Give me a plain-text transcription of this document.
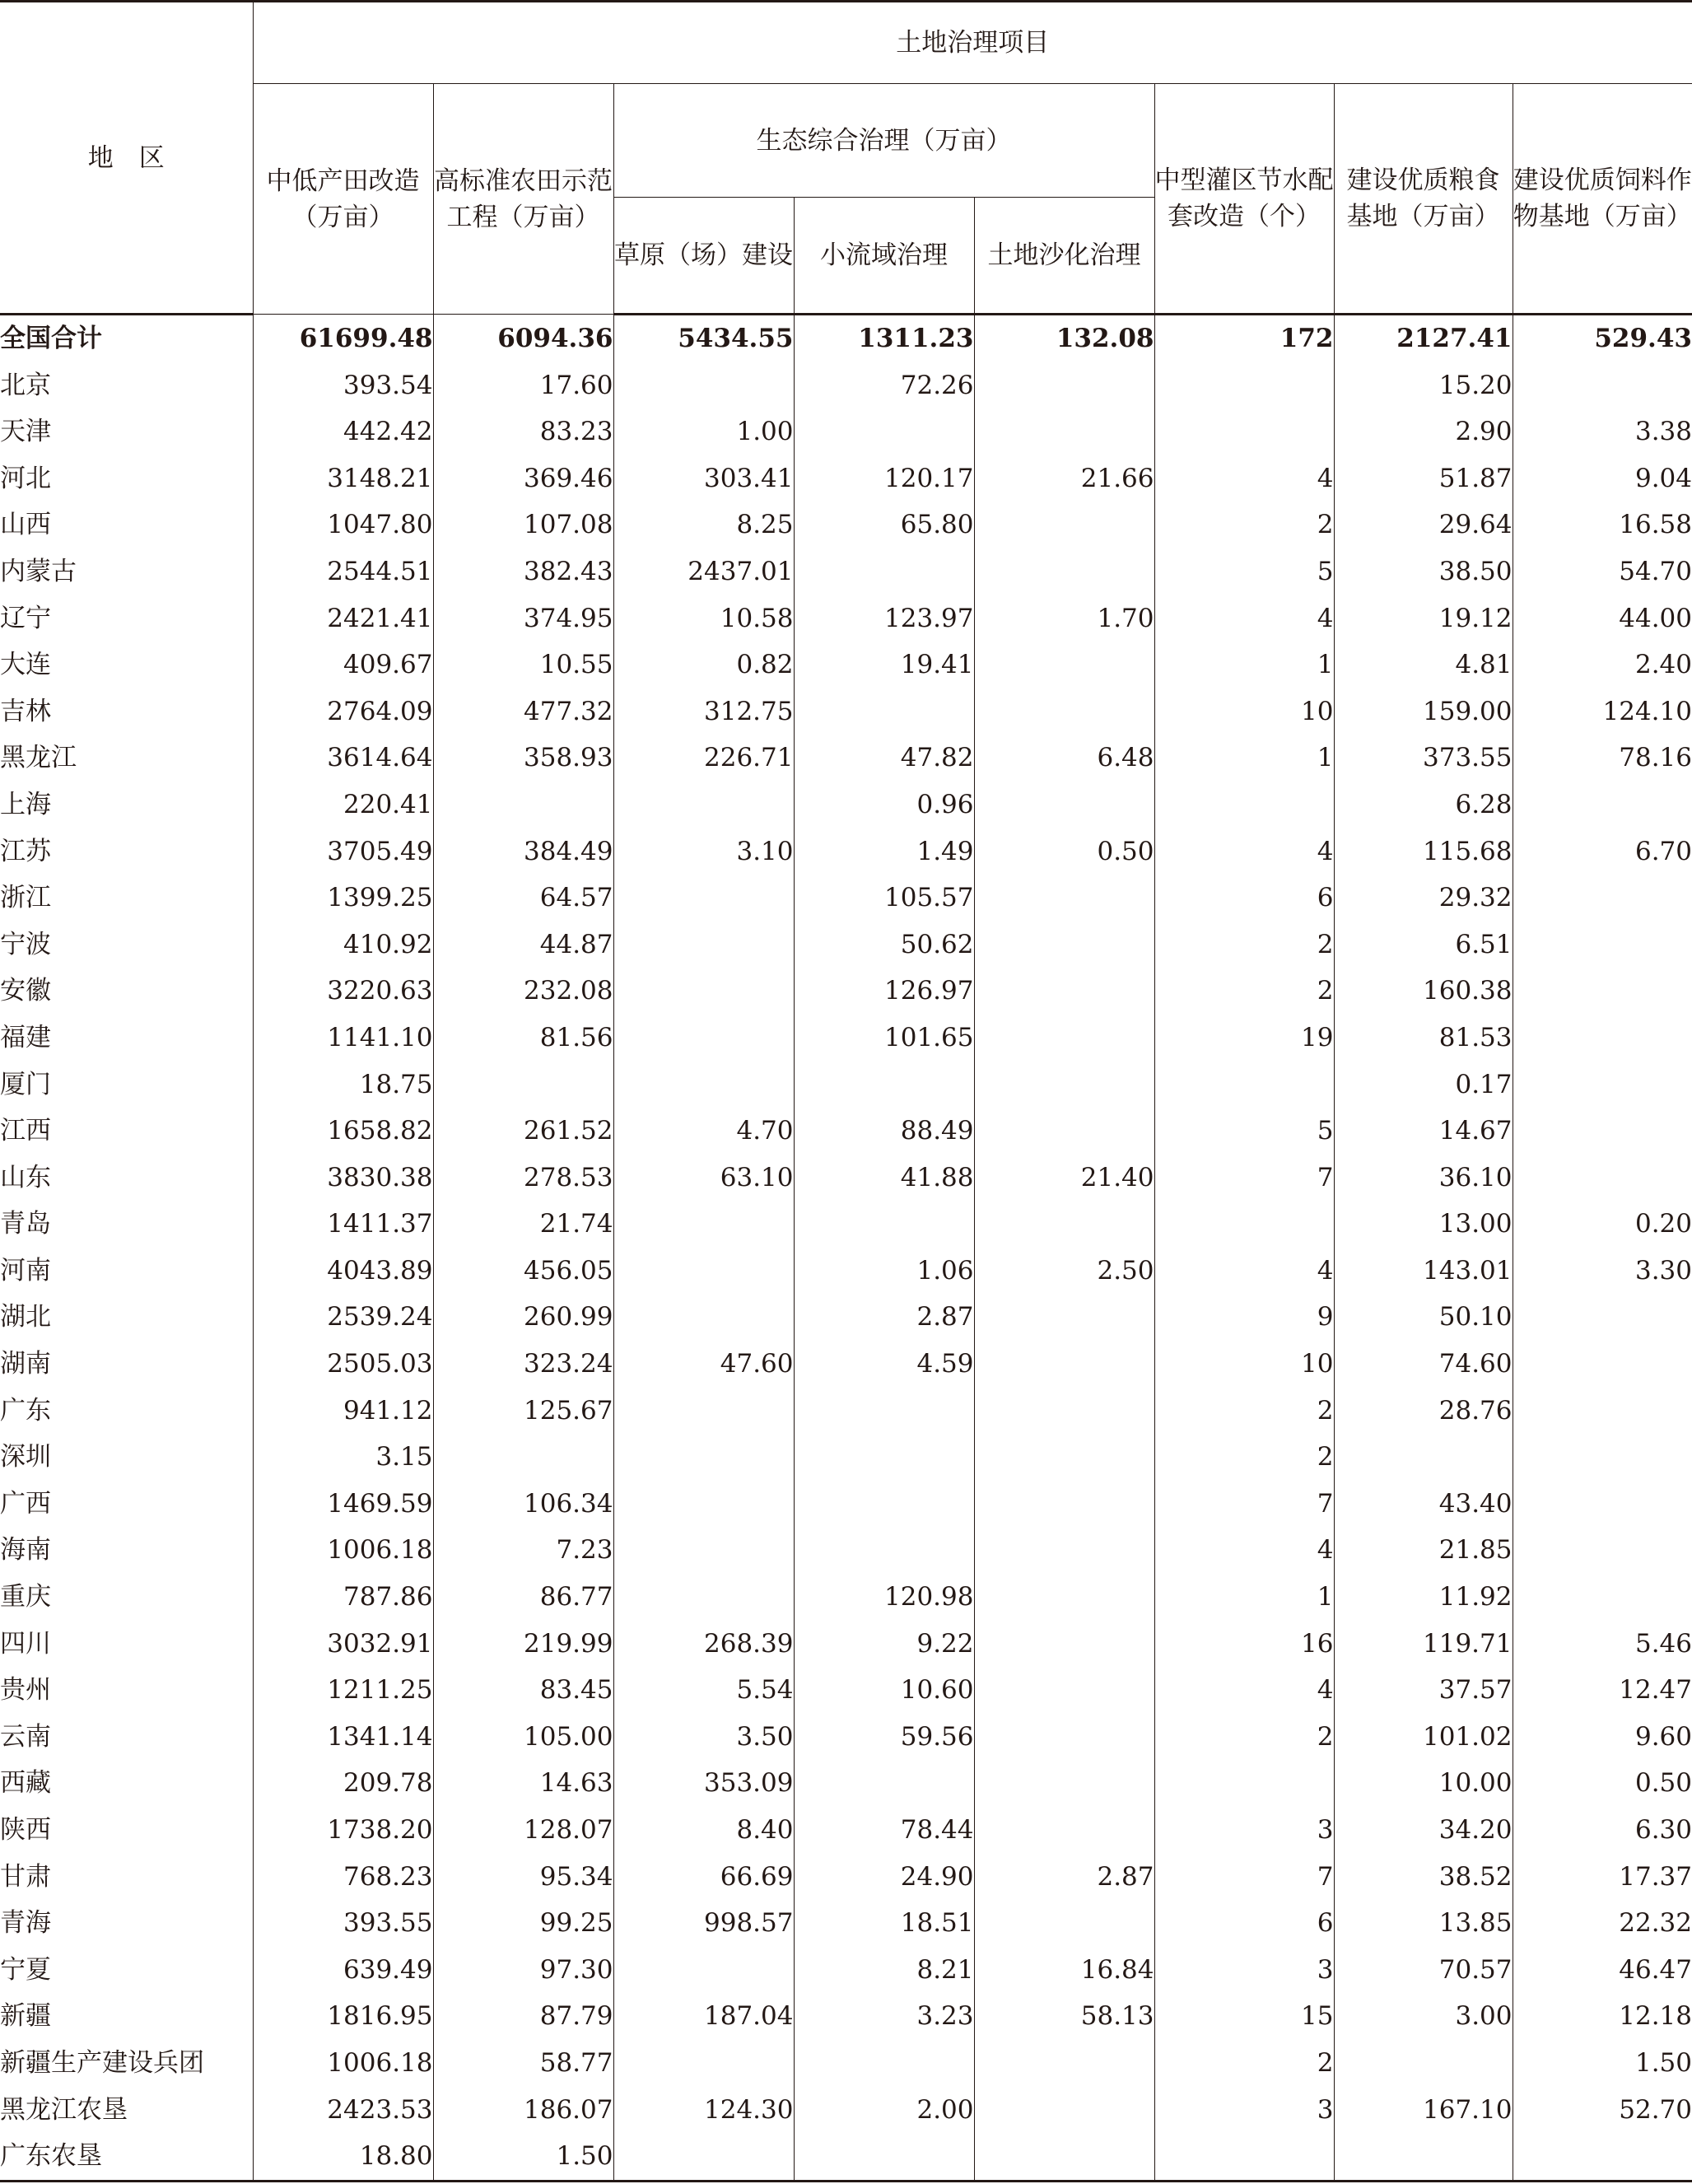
地　区	土地治理项目							
	中低产田改造（万亩）	高标准农田示范工程（万亩）	生态综合治理（万亩）			中型灌区节水配套改造（个）	建设优质粮食基地（万亩）	建设优质饲料作物基地（万亩）
			草原（场）建设	小流域治理	土地沙化治理			
全国合计	61699.48	6094.36	5434.55	1311.23	132.08	172	2127.41	529.43
北京	393.54	17.60		72.26			15.20	
天津	442.42	83.23	1.00				2.90	3.38
河北	3148.21	369.46	303.41	120.17	21.66	4	51.87	9.04
山西	1047.80	107.08	8.25	65.80		2	29.64	16.58
内蒙古	2544.51	382.43	2437.01			5	38.50	54.70
辽宁	2421.41	374.95	10.58	123.97	1.70	4	19.12	44.00
大连	409.67	10.55	0.82	19.41		1	4.81	2.40
吉林	2764.09	477.32	312.75			10	159.00	124.10
黑龙江	3614.64	358.93	226.71	47.82	6.48	1	373.55	78.16
上海	220.41			0.96			6.28	
江苏	3705.49	384.49	3.10	1.49	0.50	4	115.68	6.70
浙江	1399.25	64.57		105.57		6	29.32	
宁波	410.92	44.87		50.62		2	6.51	
安徽	3220.63	232.08		126.97		2	160.38	
福建	1141.10	81.56		101.65		19	81.53	
厦门	18.75						0.17	
江西	1658.82	261.52	4.70	88.49		5	14.67	
山东	3830.38	278.53	63.10	41.88	21.40	7	36.10	
青岛	1411.37	21.74					13.00	0.20
河南	4043.89	456.05		1.06	2.50	4	143.01	3.30
湖北	2539.24	260.99		2.87		9	50.10	
湖南	2505.03	323.24	47.60	4.59		10	74.60	
广东	941.12	125.67				2	28.76	
深圳	3.15					2		
广西	1469.59	106.34				7	43.40	
海南	1006.18	7.23				4	21.85	
重庆	787.86	86.77		120.98		1	11.92	
四川	3032.91	219.99	268.39	9.22		16	119.71	5.46
贵州	1211.25	83.45	5.54	10.60		4	37.57	12.47
云南	1341.14	105.00	3.50	59.56		2	101.02	9.60
西藏	209.78	14.63	353.09				10.00	0.50
陕西	1738.20	128.07	8.40	78.44		3	34.20	6.30
甘肃	768.23	95.34	66.69	24.90	2.87	7	38.52	17.37
青海	393.55	99.25	998.57	18.51		6	13.85	22.32
宁夏	639.49	97.30		8.21	16.84	3	70.57	46.47
新疆	1816.95	87.79	187.04	3.23	58.13	15	3.00	12.18
新疆生产建设兵团	1006.18	58.77				2		1.50
黑龙江农垦	2423.53	186.07	124.30	2.00		3	167.10	52.70
广东农垦	18.80	1.50						
